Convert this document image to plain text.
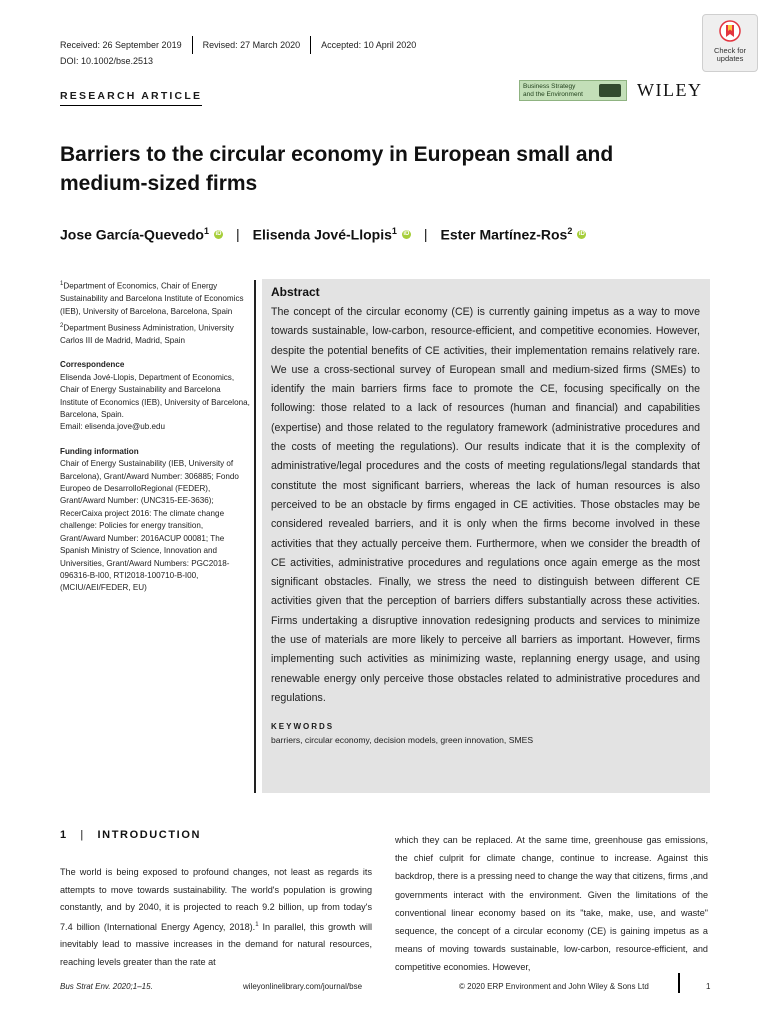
Received: 26 September 2019	Revised: 27 March 2020	Accepted: 10 April 2020
DOI: 10.1002/bse.2513
Check for
updates
RESEARCH ARTICLE
Business Strategy
and the Environment	WILEY
Barriers to the circular economy in European small and medium-sized firms
Jose García-Quevedo$^1$ iD | Elisenda Jové-Llopis$^1$ iD | Ester Martínez-Ros$^2$ iD
$^1$Department of Economics, Chair of Energy Sustainability and Barcelona Institute of Economics (IEB), University of Barcelona, Barcelona, Spain
$^2$Department Business Administration, University Carlos III de Madrid, Madrid, Spain
Correspondence
Elisenda Jové-Llopis, Department of Economics, Chair of Energy Sustainability and Barcelona Institute of Economics (IEB), University of Barcelona, Barcelona, Spain.
Email: elisenda.jove@ub.edu
Funding information
Chair of Energy Sustainability (IEB, University of Barcelona), Grant/Award Number: 306885; Fondo Europeo de DesarrolloRegional (FEDER), Grant/Award Number: (UNC315-EE-3636); RecerCaixa project 2016: The climate change challenge: Policies for energy transition, Grant/Award Number: 2016ACUP 00081; The Spanish Ministry of Science, Innovation and Universities, Grant/Award Numbers: PGC2018-096316-B-I00, RTI2018-100710-B-I00, (MCIU/AEI/FEDER, EU)
Abstract
The concept of the circular economy (CE) is currently gaining impetus as a way to move towards sustainable, low-carbon, resource-efficient, and competitive economies. However, despite the potential benefits of CE activities, their implementation remains relatively rare. We use a cross-sectional survey of European small and medium-sized firms (SMEs) to identify the main barriers firms face to promote the CE, focusing specifically on the following: those related to a lack of resources (human and financial) and capabilities (expertise) and those related to the regulatory framework (administrative procedures and the costs of meeting the regulations). Our results indicate that it is the complexity of administrative/legal procedures and the costs of meeting regulations/legal standards that constitute the most significant barriers, whereas the lack of human resources is also perceived to be an obstacle by firms engaged in CE activities. Those obstacles may be considered revealed barriers, and it is only when the firms become involved in these activities that they actually perceive them. Furthermore, when we consider the breadth of CE activities, administrative procedures and regulations once again emerge as the most significant obstacles. Finally, we stress the need to distinguish between different CE activities given that the perception of barriers differs substantially across these activities. Firms undertaking a disruptive innovation redesigning products and services to minimize the use of materials are more likely to perceive all barriers as important. However, firms implementing such activities as minimizing waste, replanning energy usage, and using renewable energy only perceive those obstacles related to administrative procedures and regulations.
KEYWORDS
barriers, circular economy, decision models, green innovation, SMES
1 | INTRODUCTION
The world is being exposed to profound changes, not least as regards its attempts to move towards sustainability. The world's population is growing constantly, and by 2040, it is projected to reach 9.2 billion, up from today's 7.4 billion (International Energy Agency, 2018).$^1$ In parallel, this growth will inevitably lead to massive increases in the demand for natural resources, reaching levels greater than the rate at
which they can be replaced. At the same time, greenhouse gas emissions, the chief culprit for climate change, continue to increase. Against this backdrop, there is a pressing need to change the way that citizens, firms ,and governments interact with the environment. Given the limitations of the conventional linear economy based on its "take, make, use, and waste" sequence, the concept of a circular economy (CE) is gaining impetus as a means of moving towards sustainable, low-carbon, resource-efficient, and competitive economies. However,
Bus Strat Env. 2020;1–15.	wileyonlinelibrary.com/journal/bse	© 2020 ERP Environment and John Wiley & Sons Ltd	1
